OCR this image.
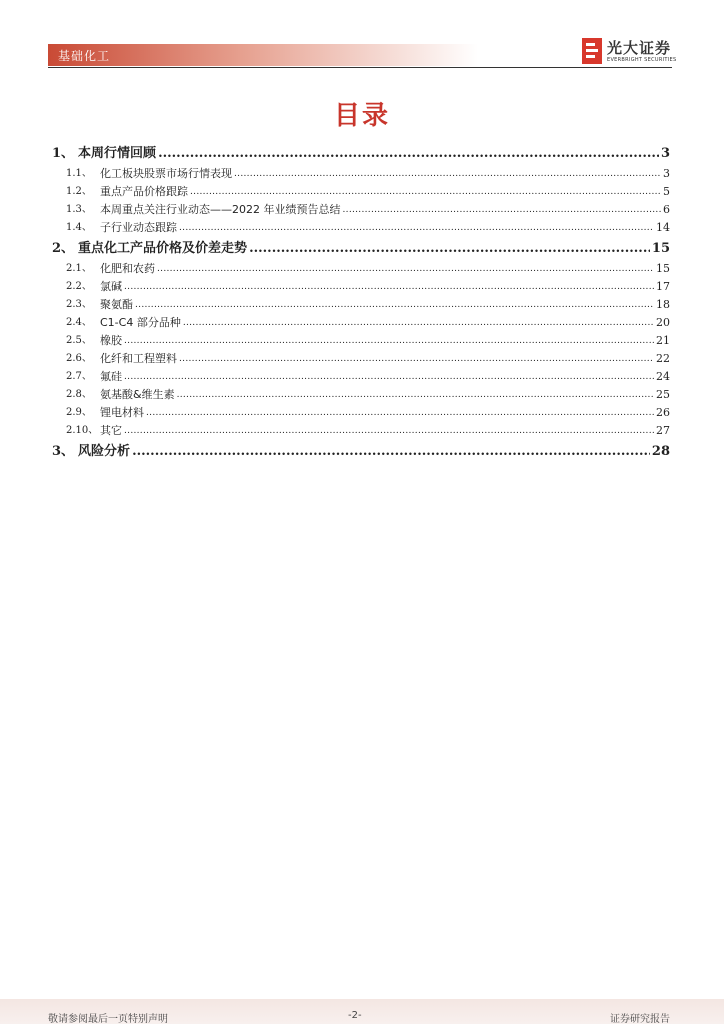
基础化工	光大证券
EVERBRIGHT SECURITIES
目录
1、 本周行情回顾 .....	3
1.1、 化工板块股票市场行情表现 .....	3
1.2、 重点产品价格跟踪 .....	5
1.3、 本周重点关注行业动态——2022 年业绩预告总结 .....	6
1.4、 子行业动态跟踪 .....	14
2、 重点化工产品价格及价差走势 .....	15
2.1、 化肥和农药 .....	15
2.2、 氯碱 .....	17
2.3、 聚氨酯 .....	18
2.4、 C1-C4 部分品种 .....	20
2.5、 橡胶 .....	21
2.6、 化纤和工程塑料 .....	22
2.7、 氟硅 .....	24
2.8、 氨基酸&维生素 .....	25
2.9、 锂电材料 .....	26
2.10、 其它 .....	27
3、 风险分析 .....	28
敬请参阅最后一页特别声明	-2-	证券研究报告
